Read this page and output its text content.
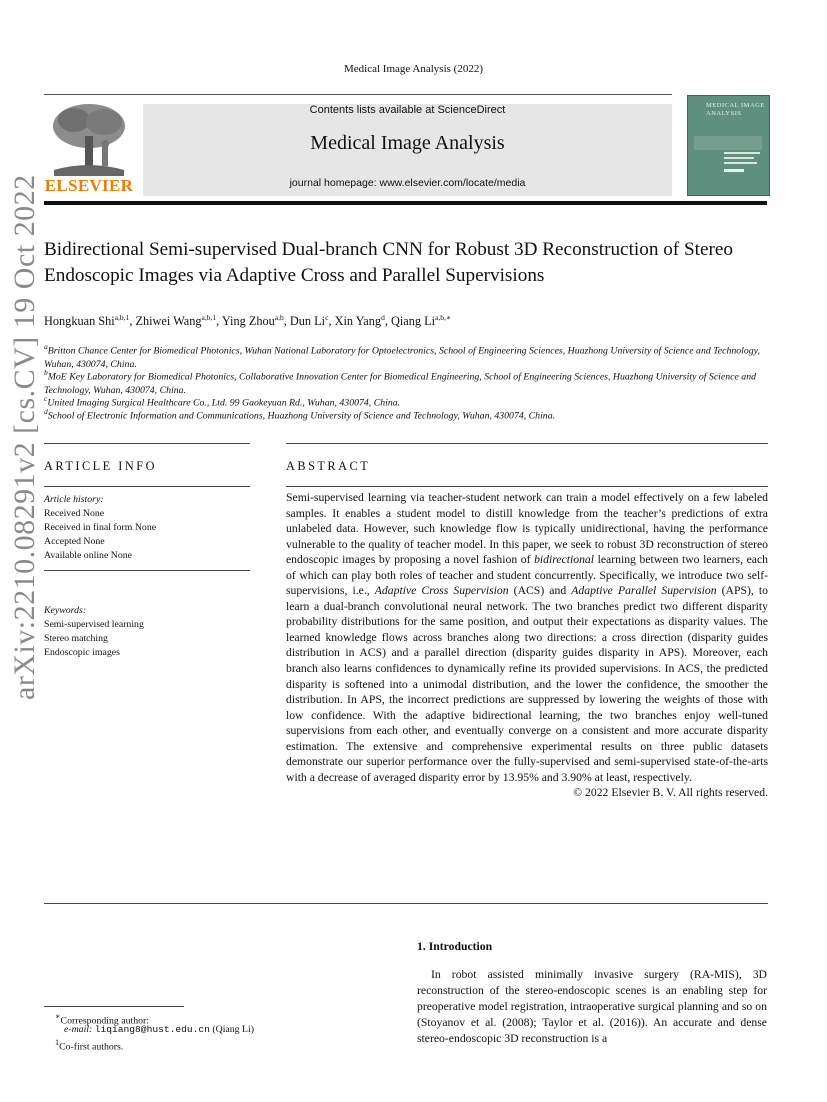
Medical Image Analysis (2022)
ELSEVIER
Contents lists available at ScienceDirect
Medical Image Analysis
journal homepage: www.elsevier.com/locate/media
MEDICAL IMAGE ANALYSIS
arXiv:2210.08291v2 [cs.CV] 19 Oct 2022 Bidirectional Semi-supervised Dual-branch CNN for Robust 3D Reconstruction of Stereo Endoscopic Images via Adaptive Cross and Parallel Supervisions
Hongkuan Shi$^{a,b,1}$, Zhiwei Wang$^{a,b,1}$, Ying Zhou$^{a,b}$, Dun Li$^c$, Xin Yang$^d$, Qiang $Li^{a,b,∗}$
$^a$Britton Chance Center for Biomedical Photonics, Wuhan National Laboratory for Optoelectronics, School of Engineering Sciences, Huazhong University of Science and Technology, Wuhan, 430074, China.
$^b$MoE Key Laboratory for Biomedical Photonics, Collaborative Innovation Center for Biomedical Engineering, School of Engineering Sciences, Huazhong University of Science and Technology, Wuhan, 430074, China.
$^c$United Imaging Surgical Healthcare Co., Ltd. 99 Gaokeyuan Rd., Wuhan, 430074, China.
$^d$School of Electronic Information and Communications, Huazhong University of Science and Technology, Wuhan, 430074, China.
ARTICLE INFO
Article history:
Received None
Received in final form None
Accepted None
Available online None
Keywords:
Semi-supervised learning
Stereo matching
Endoscopic images
ABSTRACT
Semi-supervised learning via teacher-student network can train a model effectively on a few labeled samples. It enables a student model to distill knowledge from the teacher’s predictions of extra unlabeled data. However, such knowledge flow is typically unidirectional, having the performance vulnerable to the quality of teacher model. In this paper, we seek to robust 3D reconstruction of stereo endoscopic images by proposing a novel fashion of bidirectional learning between two learners, each of which can play both roles of teacher and student concurrently. Specifically, we introduce two self-supervisions, i.e., Adaptive Cross Supervision (ACS) and Adaptive Parallel Supervision (APS), to learn a dual-branch convolutional neural network. The two branches predict two different disparity probability distributions for the same position, and output their expectations as disparity values. The learned knowledge flows across branches along two directions: a cross direction (disparity guides distribution in ACS) and a parallel direction (disparity guides disparity in APS). Moreover, each branch also learns confidences to dynamically refine its provided supervisions. In ACS, the predicted disparity is softened into a unimodal distribution, and the lower the confidence, the smoother the distribution. In APS, the incorrect predictions are suppressed by lowering the weights of those with low confidence. With the adaptive bidirectional learning, the two branches enjoy well-tuned supervisions from each other, and eventually converge on a consistent and more accurate disparity estimation. The extensive and comprehensive experimental results on three public datasets demonstrate our superior performance over the fully-supervised and semi-supervised state-of-the-arts with a decrease of averaged disparity error by 13.95% and 3.90% at least, respectively.
© 2022 Elsevier B. V. All rights reserved.
1. Introduction
In robot assisted minimally invasive surgery (RA-MIS), 3D reconstruction of the stereo-endoscopic scenes is an enabling step for preoperative model registration, intraoperative surgical planning and so on (Stoyanov et al. (2008); Taylor et al. (2016)). An accurate and dense stereo-endoscopic 3D reconstruction is a
∗Corresponding author:
e-mail: liqiang8@hust.edu.cn (Qiang Li)
$^1$Co-first authors.
